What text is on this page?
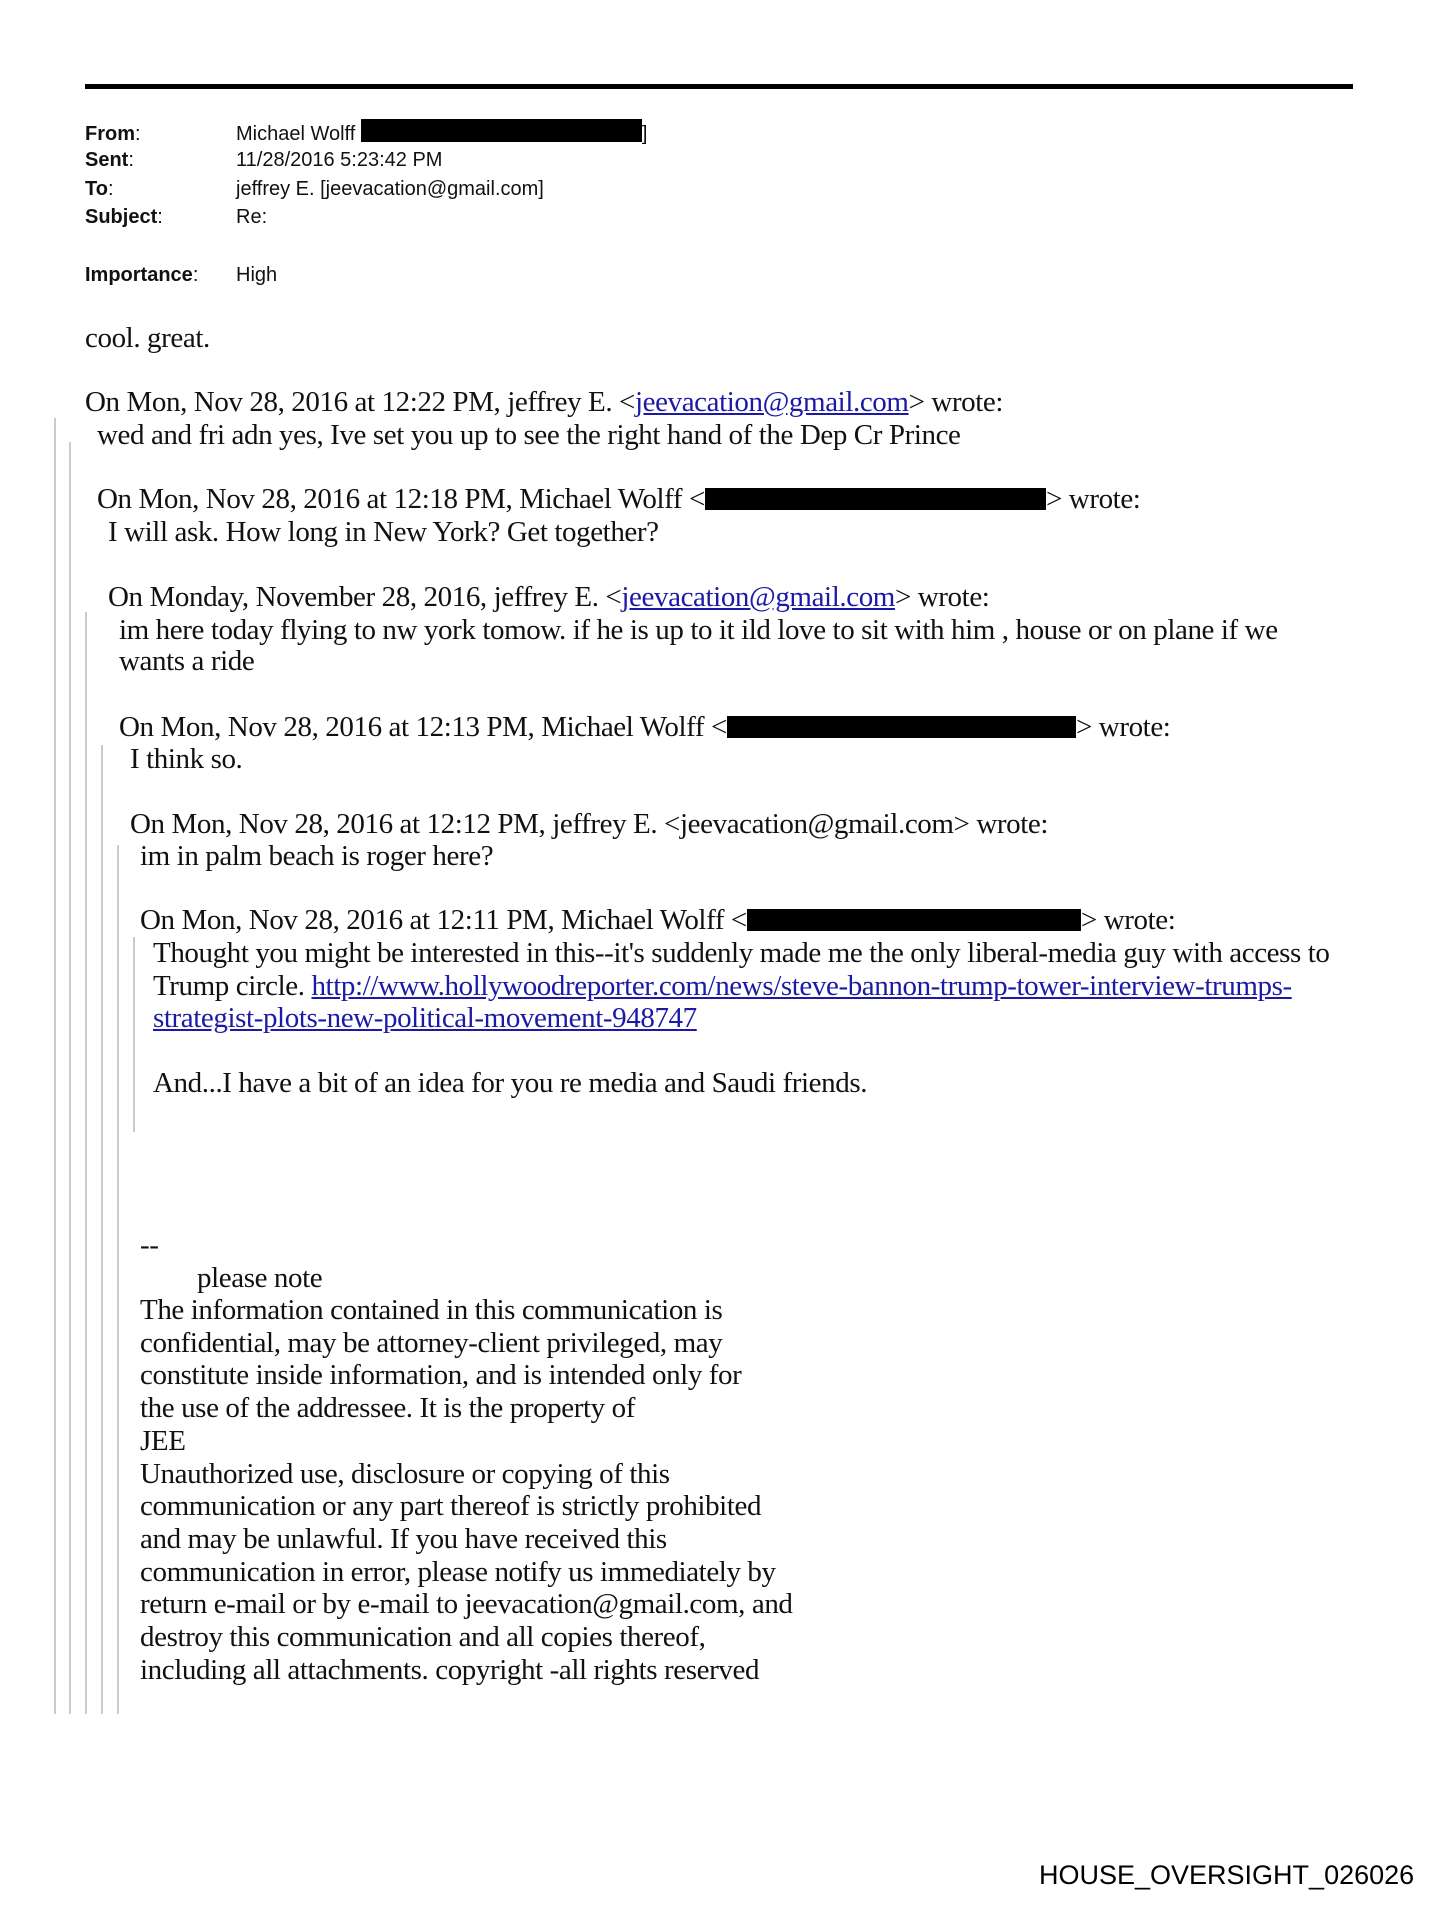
From:	Michael Wolff	]
Sent:	11/28/2016 5:23:42 PM
To:	jeffrey E. [jeevacation@gmail.com]
Subject:	Re:
Importance: High
cool. great.
On Mon, Nov 28, 2016 at 12:22 PM, jeffrey E. <jeevacation@gmail.com> wrote:
wed and fri adn yes, Ive set you up to see the right hand of the Dep Cr Prince
On Mon, Nov 28, 2016 at 12:18 PM, Michael Wolff <	> wrote:
I will ask. How long in New York? Get together?
On Monday, November 28, 2016, jeffrey E. <jeevacation@gmail.com> wrote:
im here today flying to nw york tomow. if he is up to it ild love to sit with him , house or on plane if we
wants a ride
On Mon, Nov 28, 2016 at 12:13 PM, Michael Wolff <	> wrote:
I think so.
On Mon, Nov 28, 2016 at 12:12 PM, jeffrey E. <jeevacation@gmail.com> wrote:
im in palm beach is roger here?
On Mon, Nov 28, 2016 at 12:11 PM, Michael Wolff <	> wrote:
Thought you might be interested in this--it's suddenly made me the only liberal-media guy with access to
Trump circle. http://www.hollywoodreporter.com/news/steve-bannon-trump-tower-interview-trumps-
strategist-plots-new-political-movement-948747
And...I have a bit of an idea for you re media and Saudi friends.
--
please note
The information contained in this communication is
confidential, may be attorney-client privileged, may
constitute inside information, and is intended only for
the use of the addressee. It is the property of
JEE
Unauthorized use, disclosure or copying of this
communication or any part thereof is strictly prohibited
and may be unlawful. If you have received this
communication in error, please notify us immediately by
return e-mail or by e-mail to jeevacation@gmail.com, and
destroy this communication and all copies thereof,
including all attachments. copyright -all rights reserved
HOUSE_OVERSIGHT_026026
